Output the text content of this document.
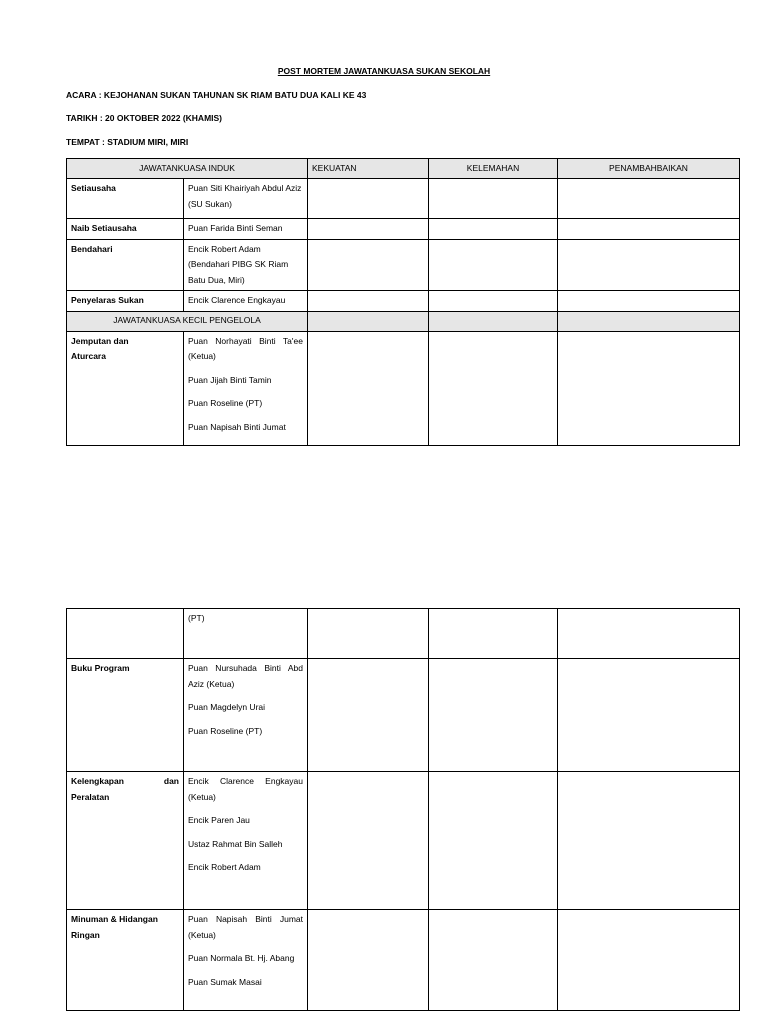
POST MORTEM JAWATANKUASA SUKAN SEKOLAH
ACARA : KEJOHANAN SUKAN TAHUNAN SK RIAM BATU DUA KALI KE 43
TARIKH : 20 OKTOBER 2022 (KHAMIS)
TEMPAT : STADIUM MIRI, MIRI
JAWATANKUASA INDUK		KEKUATAN	KELEMAHAN	PENAMBAHBAIKAN
Setiausaha	Puan Siti Khairiyah Abdul Aziz (SU Sukan)			

Naib Setiausaha	Puan Farida Binti Seman			

Bendahari	Encik Robert Adam (Bendahari PIBG SK Riam Batu Dua, Miri)			

Penyelaras Sukan	Encik Clarence Engkayau			

JAWATANKUASA KECIL PENGELOLA				

Jemputan dan Aturcara	Puan Norhayati Binti Ta'ee (Ketua)
Puan Jijah Binti Tamin
Puan Roseline (PT)
Puan Napisah Binti Jumat			

	(PT)			

Buku Program	Puan Nursuhada Binti Abd Aziz (Ketua)
Puan Magdelyn Urai
Puan Roseline (PT)			

Kelengkapan dan Peralatan	Encik Clarence Engkayau (Ketua)
Encik Paren Jau
Ustaz Rahmat Bin Salleh
Encik Robert Adam			

Minuman & Hidangan Ringan	Puan Napisah Binti Jumat (Ketua)
Puan Normala Bt. Hj. Abang
Puan Sumak Masai			
